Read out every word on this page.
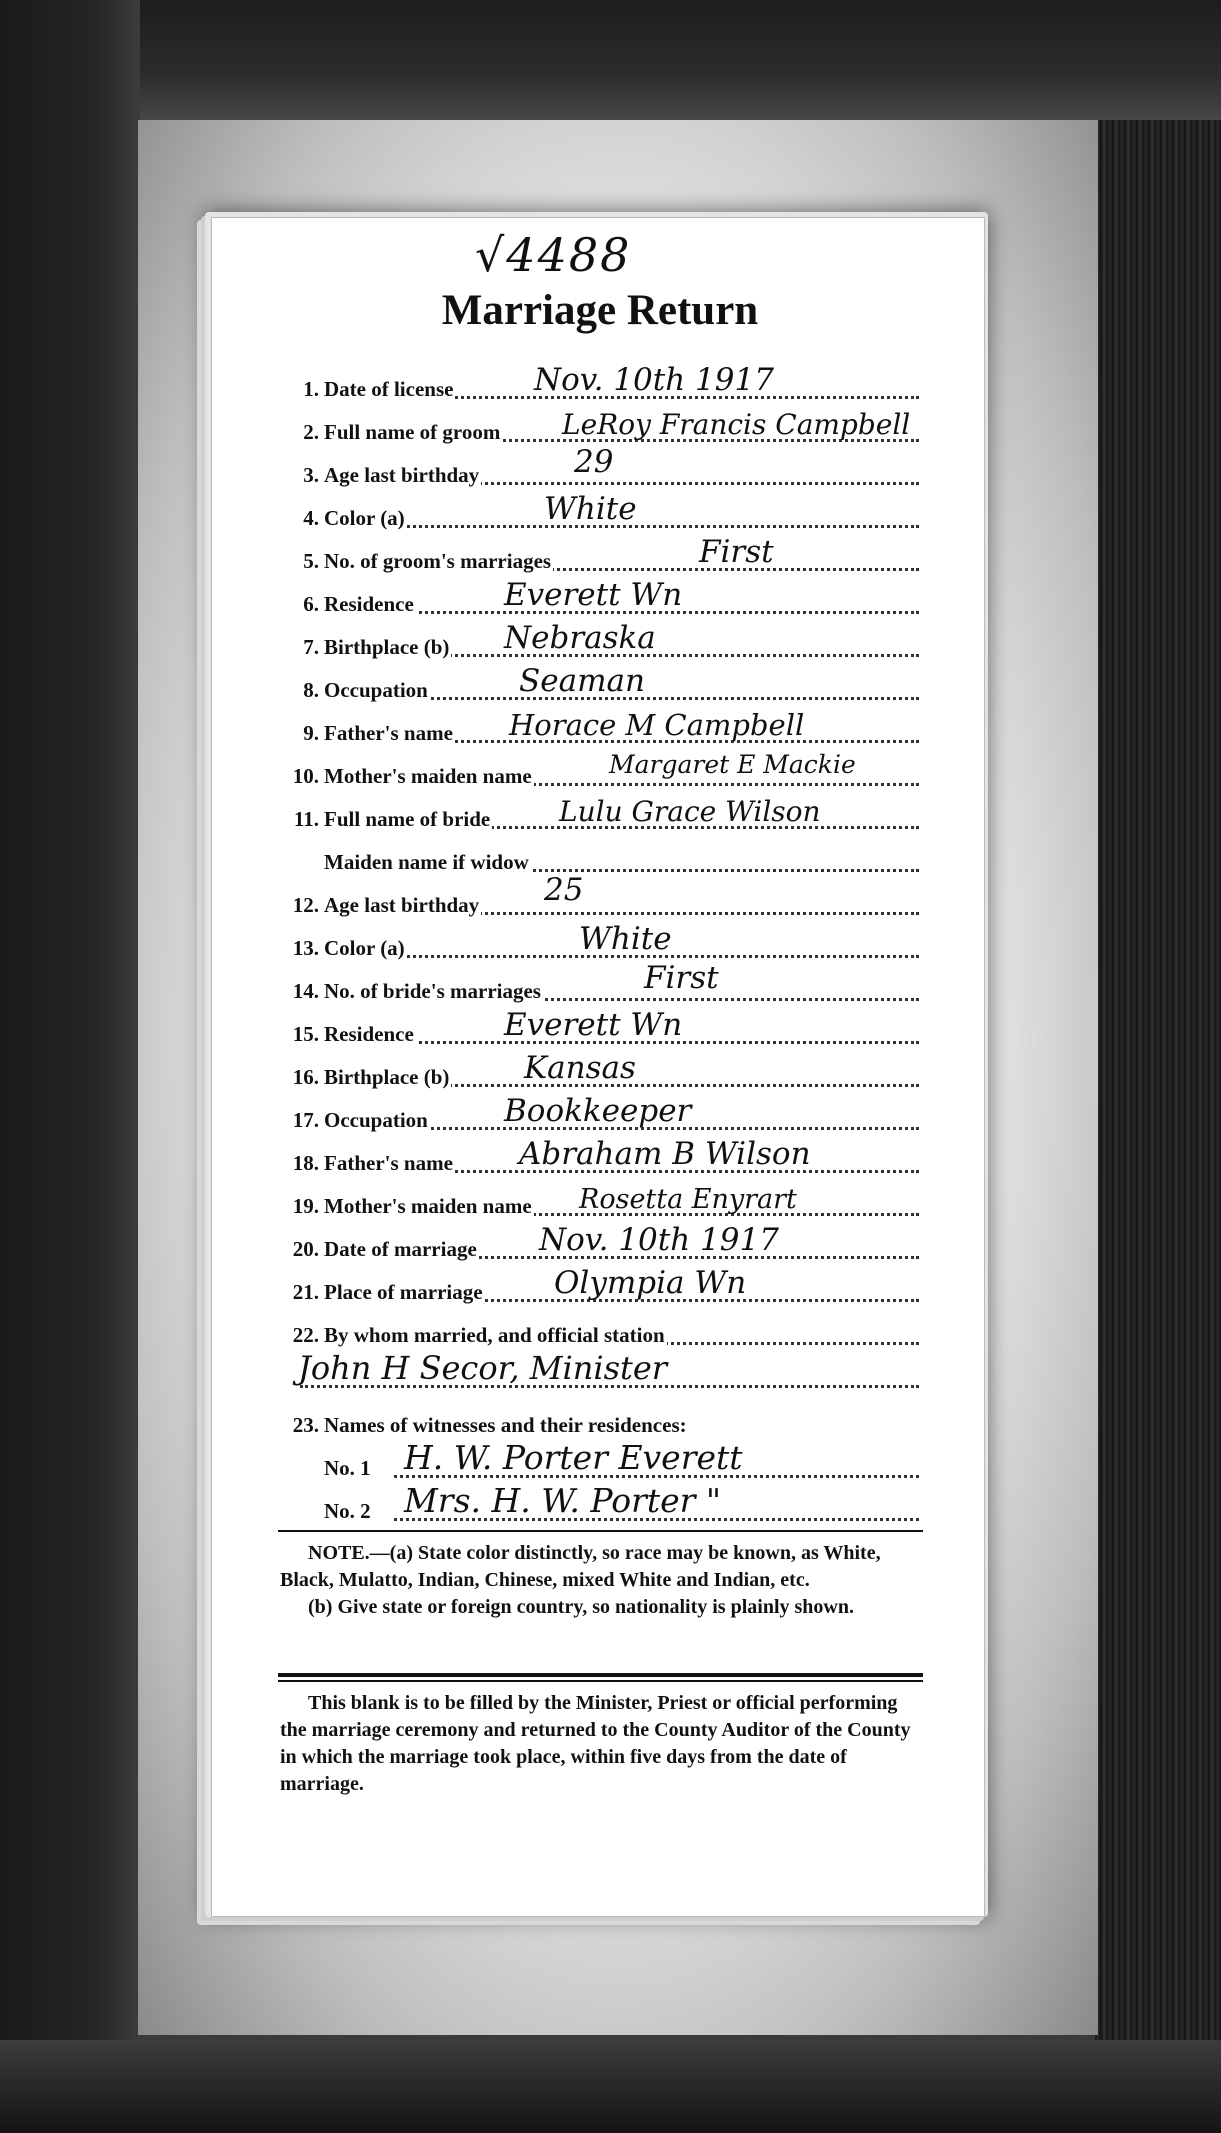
√4488
Marriage Return
1. Date of license	Nov. 10th 1917
2. Full name of groom LeRoy Francis Campbell
3. Age last birthday	29
4. Color (a)	White
5. No. of groom's marriages	First
6. Residence	Everett Wn
7. Birthplace (b) Nebraska
8. Occupation	Seaman
9. Father's name Horace M Campbell
10. Mother's maiden name	Margaret E Mackie
11. Full name of bride Lulu Grace Wilson
Maiden name if widow
12. Age last birthday 25
13. Color (a)	White
14. No. of bride's marriages	First
15. Residence	Everett Wn
16. Birthplace (b) Kansas
17. Occupation Bookkeeper
18. Father's name Abraham B Wilson
19. Mother's maiden name Rosetta Enyrart
20. Date of marriage Nov. 10th 1917
21. Place of marriage Olympia Wn
22. By whom married, and official station
John H Secor, Minister
23. Names of witnesses and their residences:
No. 1 H. W. Porter Everett
No. 2 Mrs. H. W. Porter "

NOTE.—(a) State color distinctly, so race may be known, as White, Black, Mulatto, Indian, Chinese, mixed White and Indian, etc.

(b) Give state or foreign country, so nationality is plainly shown.

This blank is to be filled by the Minister, Priest or official performing the marriage ceremony and returned to the County Auditor of the County in which the marriage took place, within five days from the date of marriage.
